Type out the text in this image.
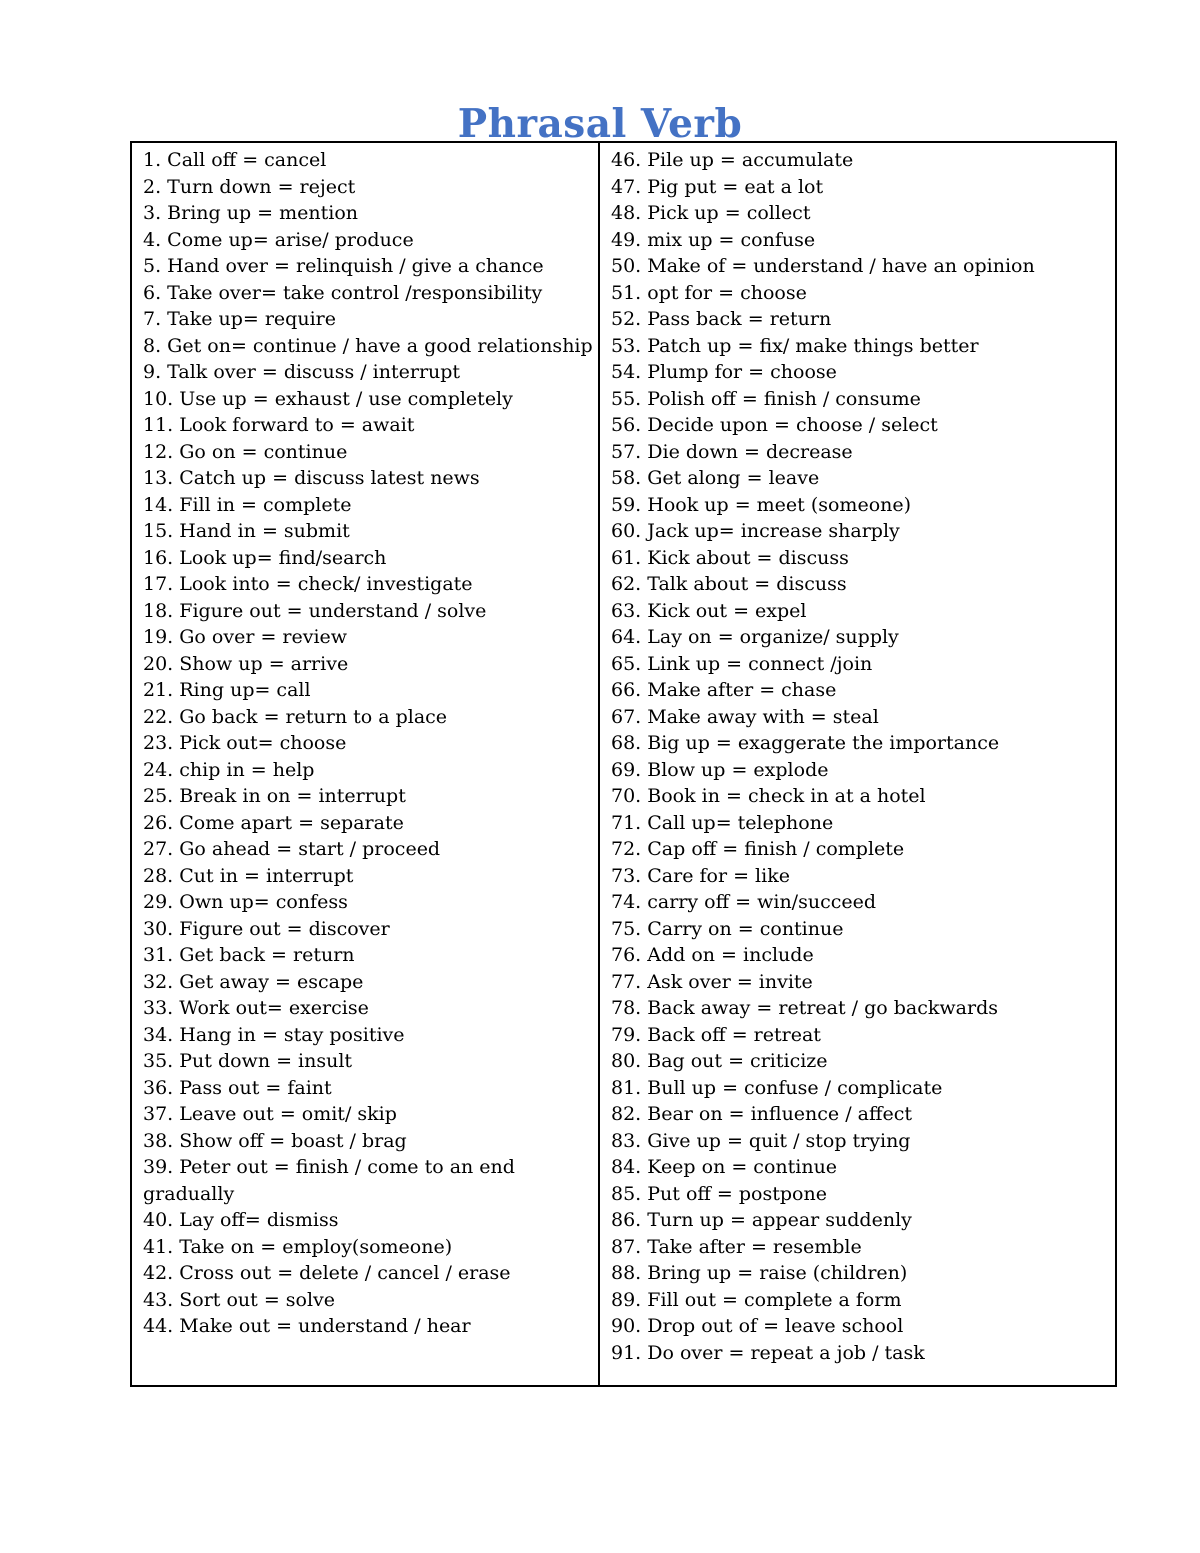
Phrasal Verb
1. Call off = cancel
2. Turn down = reject
3. Bring up = mention
4. Come up= arise/ produce
5. Hand over = relinquish / give a chance
6. Take over= take control /responsibility
7. Take up= require
8. Get on= continue / have a good relationship
9. Talk over = discuss / interrupt
10. Use up = exhaust / use completely
11. Look forward to = await
12. Go on = continue
13. Catch up = discuss latest news
14. Fill in = complete
15. Hand in = submit
16. Look up= find/search
17. Look into = check/ investigate
18. Figure out = understand / solve
19. Go over = review
20. Show up = arrive
21. Ring up= call
22. Go back = return to a place
23. Pick out= choose
24. chip in = help
25. Break in on = interrupt
26. Come apart = separate
27. Go ahead = start / proceed
28. Cut in = interrupt
29. Own up= confess
30. Figure out = discover
31. Get back = return
32. Get away = escape
33. Work out= exercise
34. Hang in = stay positive
35. Put down = insult
36. Pass out = faint
37. Leave out = omit/ skip
38. Show off = boast / brag
39. Peter out = finish / come to an end gradually
40. Lay off= dismiss
41. Take on = employ(someone)
42. Cross out = delete / cancel / erase
43. Sort out = solve
44. Make out = understand / hear
46. Pile up = accumulate
47. Pig put = eat a lot
48. Pick up = collect
49. mix up = confuse
50. Make of = understand / have an opinion
51. opt for = choose
52. Pass back = return
53. Patch up = fix/ make things better
54. Plump for = choose
55. Polish off = finish / consume
56. Decide upon = choose / select
57. Die down = decrease
58. Get along = leave
59. Hook up = meet (someone)
60. Jack up= increase sharply
61. Kick about = discuss
62. Talk about = discuss
63. Kick out = expel
64. Lay on = organize/ supply
65. Link up = connect /join
66. Make after = chase
67. Make away with = steal
68. Big up = exaggerate the importance
69. Blow up = explode
70. Book in = check in at a hotel
71. Call up= telephone
72. Cap off = finish / complete
73. Care for = like
74. carry off = win/succeed
75. Carry on = continue
76. Add on = include
77. Ask over = invite
78. Back away = retreat / go backwards
79. Back off = retreat
80. Bag out = criticize
81. Bull up = confuse / complicate
82. Bear on = influence / affect
83. Give up = quit / stop trying
84. Keep on = continue
85. Put off = postpone
86. Turn up = appear suddenly
87. Take after = resemble
88. Bring up = raise (children)
89. Fill out = complete a form
90. Drop out of = leave school
91. Do over = repeat a job / task
